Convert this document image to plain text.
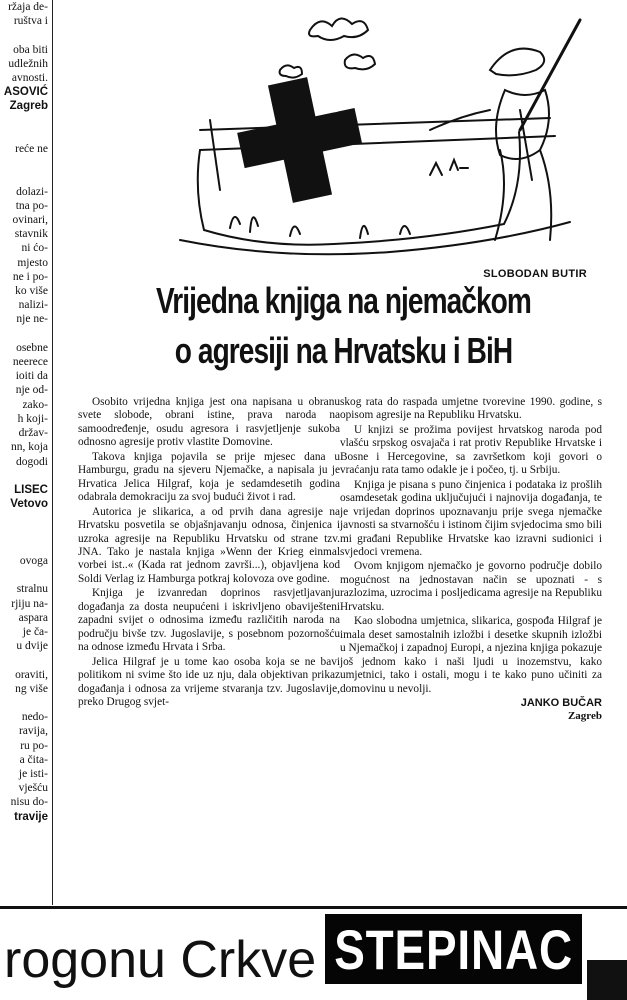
ržaja de-
ruštva i

oba biti
udležnih
avnosti.
ASOVIĆ
Zagreb

reće ne

dolazi-
tna po-
ovinari,
stavnik
ni ćo-
mjesto
ne i po-
ko više
nalizi-
nje ne-

osebne
neerece
ioiti da
nje od-
zako-
h koji-
držav-
nn, koja
dogodi

LISEC
Vetovo

ovoga

stralnu
rjiju na-
aspara
je ča-
u dvije

oraviti,
ng više

nedo-
ravija,
ru po-
a čita-
je isti-
vješću
nisu do-
travije
C C
C C
SLOBODAN BUTIR
Vrijedna knjiga na njemačkom
o agresiji na Hrvatsku i BiH

Osobito vrijedna knjiga jest ona napisana u obranu svete slobode, obrani istine, prava naroda na samoodređenje, osudu agresora i rasvjetljenje sukoba odnosno agresije protiv vlastite Domovine.

Takova knjiga pojavila se prije mjesec dana u Hamburgu, gradu na sjeveru Njemačke, a napisala ju je Hrvatica Jelica Hilgraf, koja je sedamdesetih godina odabrala demokraciju za svoj budući život i rad.

Autorica je slikarica, a od prvih dana agresije na Hrvatsku posvetila se objašnjavanju odnosa, činjenica i uzroka agresije na Republiku Hrvatsku od strane tzv. JNA. Tako je nastala knjiga »Wenn der Krieg einmal vorbei ist..« (Kada rat jednom završi...), objavljena kod Soldi Verlag iz Hamburga potkraj kolovoza ove godine.

Knjiga je izvanredan doprinos rasvjetljavanju događanja za dosta neupućeni i iskrivljeno obaviješteni zapadni svijet o odnosima između različitih naroda na području bivše tzv. Jugoslavije, s posebnom pozornošću na odnose između Hrvata i Srba.

Jelica Hilgraf je u tome kao osoba koja se ne bavi politikom ni svime što ide uz nju, dala objektivan prikaz događanja i odnosa za vrijeme stvaranja tzv. Jugoslavije, preko Drugog svjet-

skog rata do raspada umjetne tvorevine 1990. godine, s opisom agresije na Republiku Hrvatsku.

U knjizi se prožima povijest hrvatskog naroda pod vlašću srpskog osvajača i rat protiv Republike Hrvatske i Bosne i Hercegovine, sa završetkom koji govori o vraćanju rata tamo odakle je i počeo, tj. u Srbiju.

Knjiga je pisana s puno činjenica i podataka iz prošlih osamdesetak godina uključujući i najnovija događanja, te je vrijedan doprinos upoznavanju prije svega njemačke javnosti sa stvarnošću i istinom čijim svjedocima smo bili mi građani Republike Hrvatske kao izravni sudionici i svjedoci vremena.

Ovom knjigom njemačko je govorno područje dobilo mogućnost na jednostavan način se upoznati - s razlozima, uzrocima i posljedicama agresije na Republiku Hrvatsku.

Kao slobodna umjetnica, slikarica, gospođa Hilgraf je imala deset samostalnih izložbi i desetke skupnih izložbi u Njemačkoj i zapadnoj Europi, a njezina knjiga pokazuje još jednom kako i naši ljudi u inozemstvu, kako umjetnici, tako i ostali, mogu i te kako puno učiniti za domovinu u nevolji.

JANKO BUČAR
Zagreb
rogonu Crkve STEPINAC
